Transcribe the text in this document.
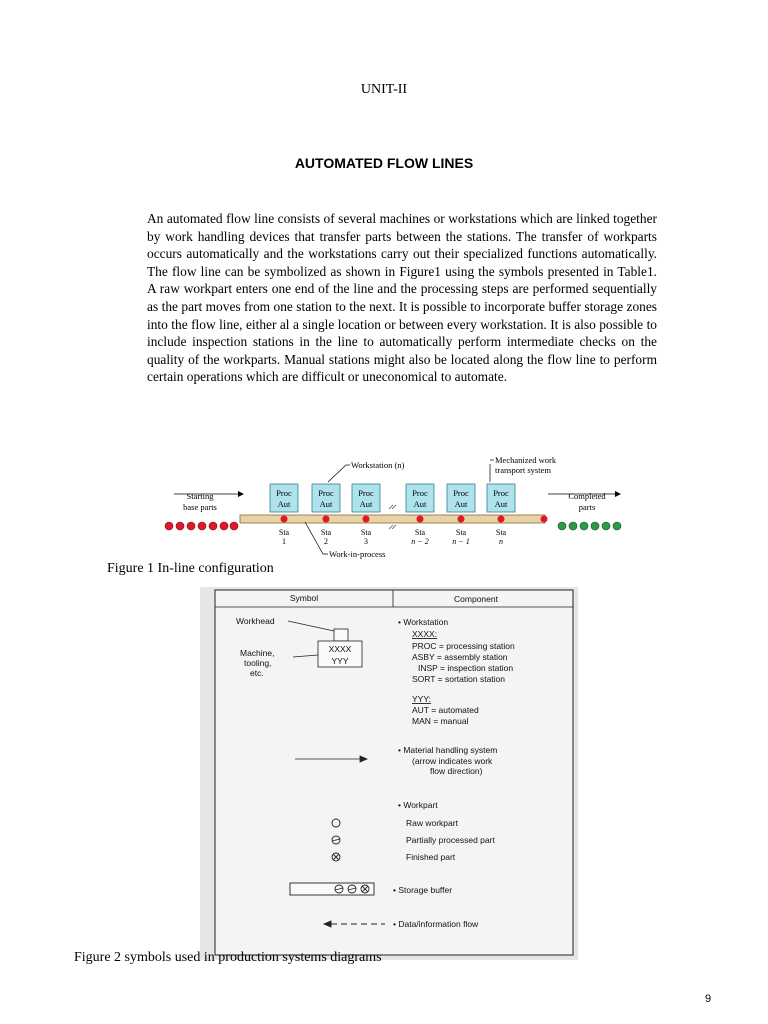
UNIT-II
AUTOMATED FLOW LINES

An automated flow line consists of several machines or workstations which are linked together by work handling devices that transfer parts between the stations. The transfer of workparts occurs automatically and the workstations carry out their specialized functions automatically. The flow line can be symbolized as shown in Figure1 using the symbols presented in Table1. A raw workpart enters one end of the line and the processing steps are performed sequentially as the part moves from one station to the next. It is possible to incorporate buffer storage zones into the flow line, either al a single location or between every workstation. It is also possible to include inspection stations in the line to automatically perform intermediate checks on the quality of the workparts. Manual stations might also be located along the flow line to perform certain operations which are difficult or uneconomical to automate.

Proc
Aut
Proc
Aut
Proc
Aut
Proc
Aut
Proc
Aut
Proc
Aut
Sta
1
Sta
2
Sta
3
Sta
n − 2
Sta
n − 1
Sta
n
Workstation (n)	Mechanized work
transport system
Starting
base parts
Completed
parts
Work-in-process
Figure 1 In-line configuration
Symbol	Component
Workhead
Machine,
tooling,
etc.
XXXX
YYY
• Workstation
XXXX:
PROC = processing station
ASBY = assembly station
INSP = inspection station
SORT = sortation station
YYY:
AUT = automated
MAN = manual
• Material handling system
(arrow indicates work
flow direction)
• Workpart
Raw workpart
Partially processed part
Finished part
• Storage buffer
• Data/information flow
Figure 2 symbols used in production systems diagrams
9
